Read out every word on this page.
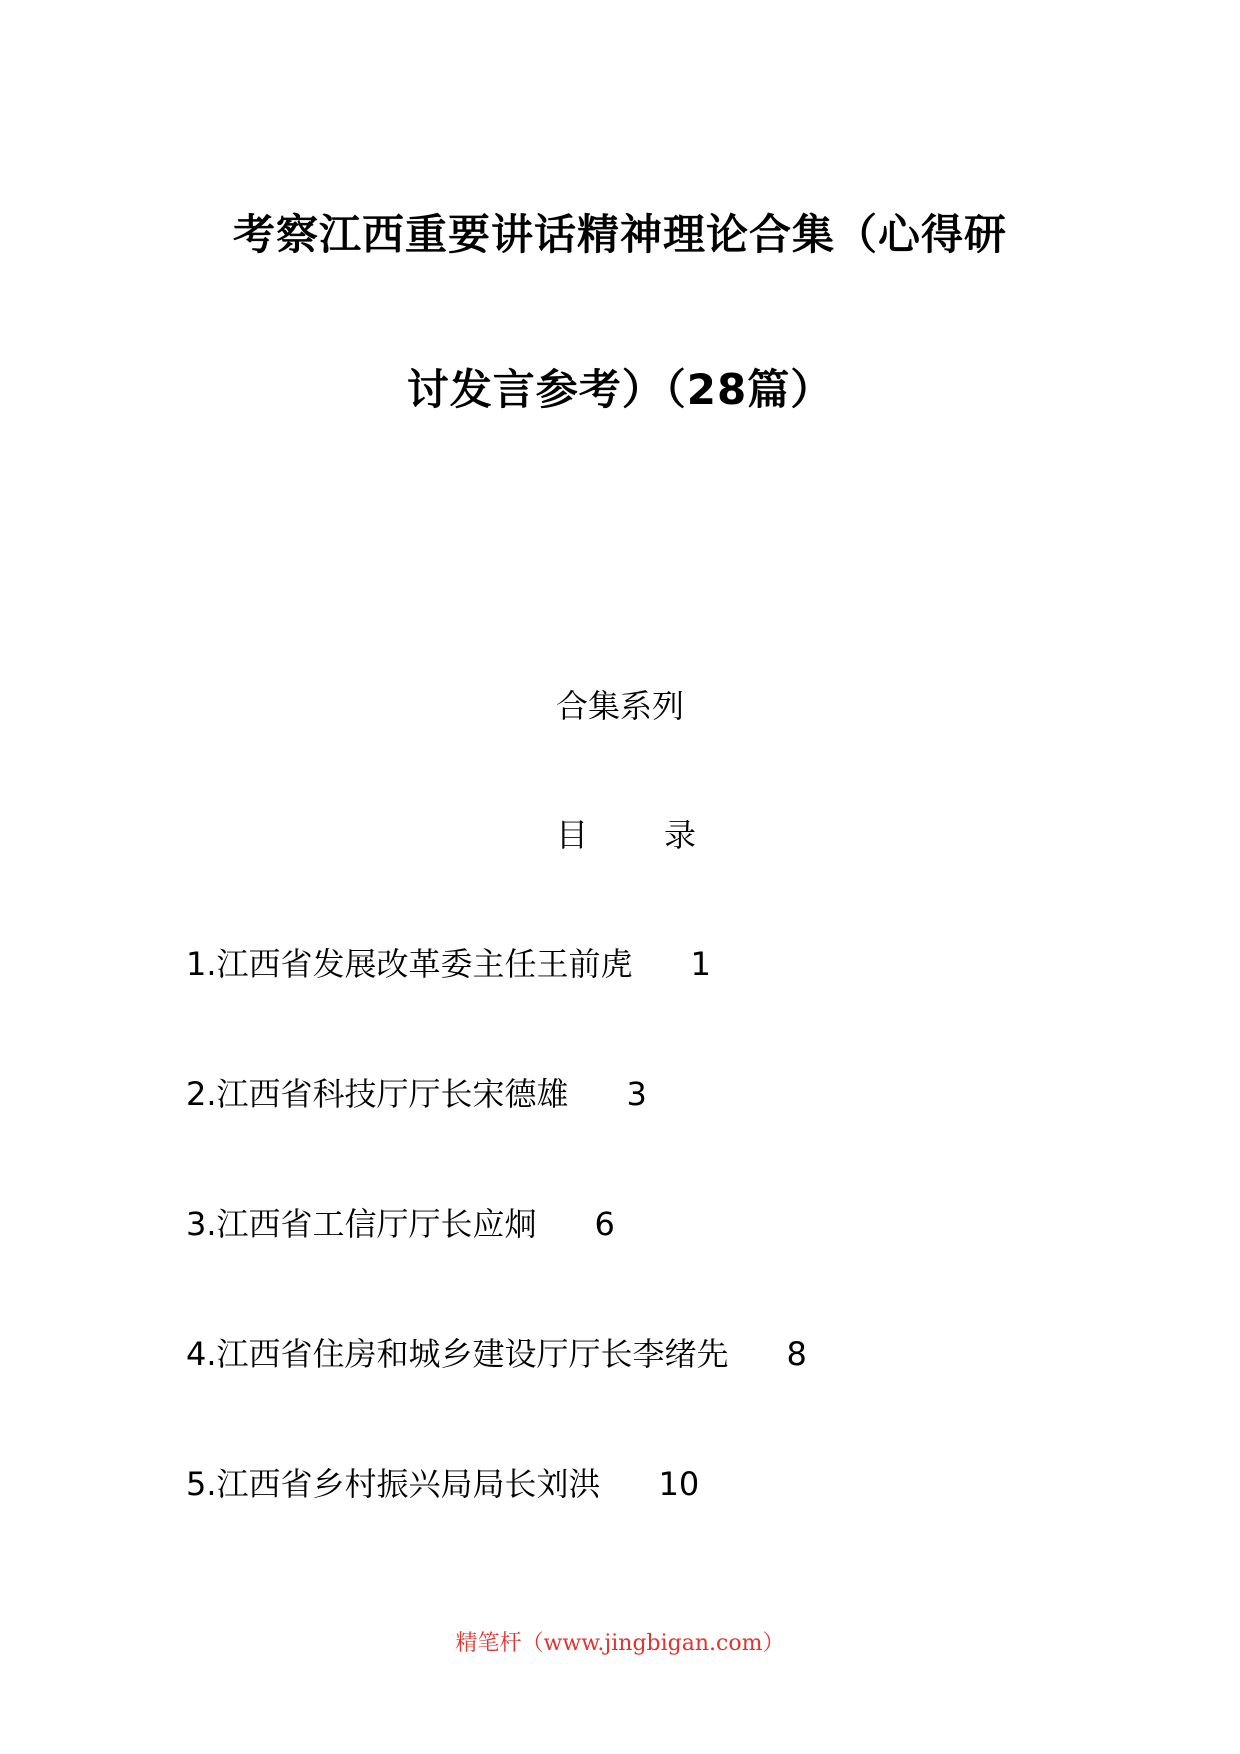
考察江西重要讲话精神理论合集（心得研
讨发言参考）（28篇）
合集系列
目 录
1.江西省发展改革委主任王前虎 1
2.江西省科技厅厅长宋德雄 3
3.江西省工信厅厅长应炯 6
4.江西省住房和城乡建设厅厅长李绪先 8
5.江西省乡村振兴局局长刘洪 10
精笔杆（www.jingbigan.com）
